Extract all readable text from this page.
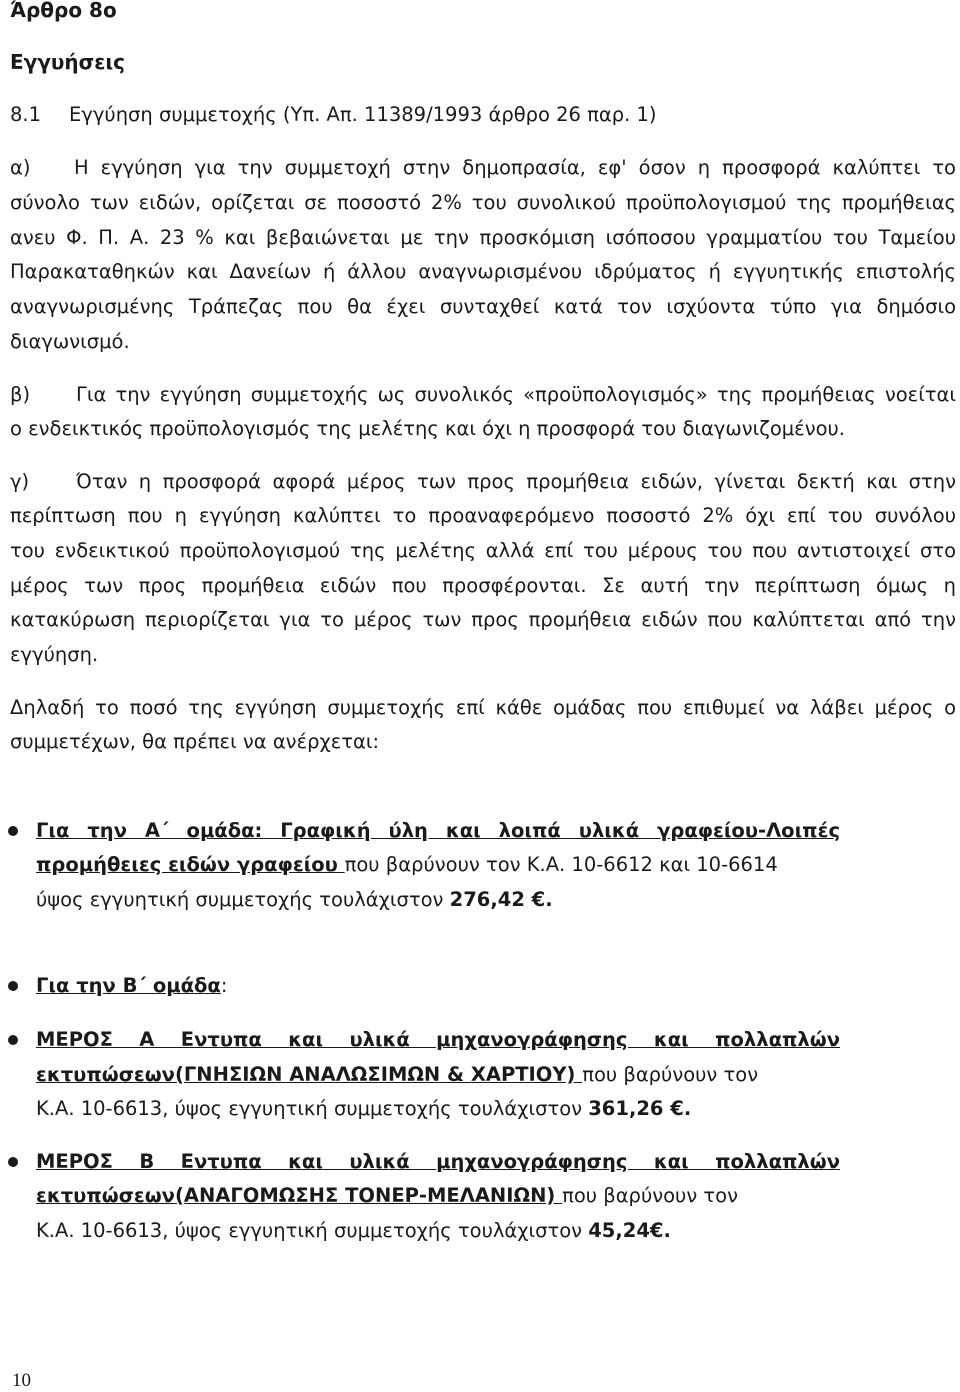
Άρθρο 8ο
Εγγυήσεις
8.1 Εγγύηση συμμετοχής (Υπ. Απ. 11389/1993 άρθρο 26 παρ. 1)
α) Η εγγύηση για την συμμετοχή στην δημοπρασία, εφ' όσον η προσφορά καλύπτει το
σύνολο των ειδών, ορίζεται σε ποσοστό 2% του συνολικού προϋπολογισμού της προμήθειας
ανευ Φ. Π. Α. 23 % και βεβαιώνεται με την προσκόμιση ισόποσου γραμματίου του Ταμείου
Παρακαταθηκών και Δανείων ή άλλου αναγνωρισμένου ιδρύματος ή εγγυητικής επιστολής
αναγνωρισμένης Τράπεζας που θα έχει συνταχθεί κατά τον ισχύοντα τύπο για δημόσιο
διαγωνισμό.
β) Για την εγγύηση συμμετοχής ως συνολικός «προϋπολογισμός» της προμήθειας νοείται
ο ενδεικτικός προϋπολογισμός της μελέτης και όχι η προσφορά του διαγωνιζομένου.
γ) Όταν η προσφορά αφορά μέρος των προς προμήθεια ειδών, γίνεται δεκτή και στην
περίπτωση που η εγγύηση καλύπτει το προαναφερόμενο ποσοστό 2% όχι επί του συνόλου
του ενδεικτικού προϋπολογισμού της μελέτης αλλά επί του μέρους του που αντιστοιχεί στο
μέρος των προς προμήθεια ειδών που προσφέρονται. Σε αυτή την περίπτωση όμως η
κατακύρωση περιορίζεται για το μέρος των προς προμήθεια ειδών που καλύπτεται από την
εγγύηση.
Δηλαδή το ποσό της εγγύηση συμμετοχής επί κάθε ομάδας που επιθυμεί να λάβει μέρος ο
συμμετέχων, θα πρέπει να ανέρχεται:
Για την Α΄ ομάδα: Γραφική ύλη και λοιπά υλικά γραφείου-Λοιπές
προμήθειες ειδών γραφείου που βαρύνουν τον Κ.Α. 10-6612 και 10-6614
ύψος εγγυητική συμμετοχής τουλάχιστον 276,42 €.
Για την Β΄ ομάδα:
ΜΕΡΟΣ Α Εντυπα και υλικά μηχανογράφησης και πολλαπλών
εκτυπώσεων(ΓΝΗΣΙΩΝ ΑΝΑΛΩΣΙΜΩΝ & ΧΑΡΤΙΟΥ) που βαρύνουν τον
Κ.Α. 10-6613, ύψος εγγυητική συμμετοχής τουλάχιστον 361,26 €.
ΜΕΡΟΣ Β Εντυπα και υλικά μηχανογράφησης και πολλαπλών
εκτυπώσεων(ΑΝΑΓΟΜΩΣΗΣ ΤΟΝΕΡ-ΜΕΛΑΝΙΩΝ) που βαρύνουν τον
Κ.Α. 10-6613, ύψος εγγυητική συμμετοχής τουλάχιστον 45,24€.
10
